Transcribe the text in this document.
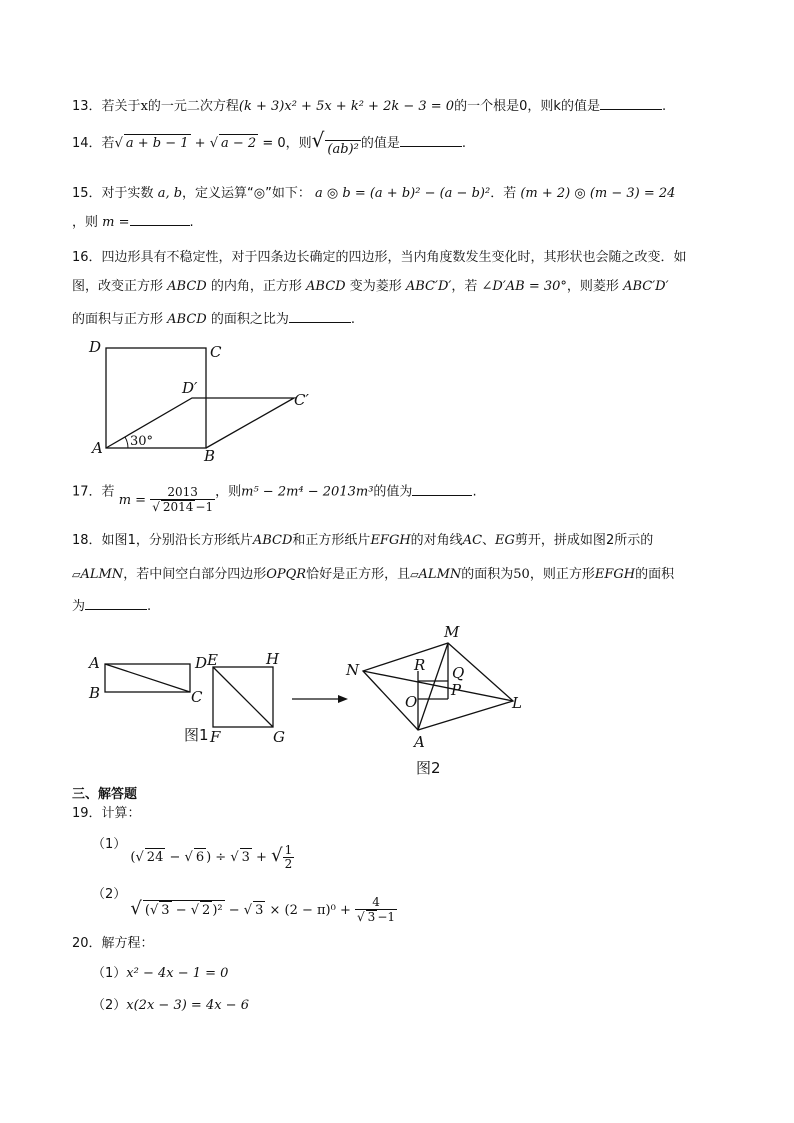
13．若关于x的一元二次方程(k + 3)x² + 5x + k² + 2k − 3 = 0的一个根是0，则k的值是	.
14．若√ a + b − 1 + √ a − 2 = 0，则√ (ab)² 的值是	.
15．对于实数 a, b，定义运算“◎”如下： a ◎ b = (a + b)² − (a − b)²．若 (m + 2) ◎ (m − 3) = 24
，则 m =	.
16．四边形具有不稳定性，对于四条边长确定的四边形，当内角度数发生变化时，其形状也会随之改变．如
图，改变正方形 ABCD 的内角，正方形 ABCD 变为菱形 ABC′D′，若 ∠D′AB = 30°，则菱形 ABC′D′
的面积与正方形 ABCD 的面积之比为	.
D	C
D′
C′
A	B
30°
17．若 $m = \frac{2013}{√ 2014 -1}$ ，则m⁵ − 2m⁴ − 2013m³的值为	.
18．如图1，分别沿长方形纸片ABCD和正方形纸片EFGH的对角线AC、EG剪开，拼成如图2所示的
▱ALMN，若中间空白部分四边形OPQR恰好是正方形，且▱ALMN的面积为50，则正方形EFGH的面积
为	.
A
B	C
D E	H
F	G
图1
M
N	R Q
P
O	L
A
图2
三、解答题
19．计算：
（1） (√ 24 − √ 6 ) ÷ √ 3 + √ $\frac{1}{2}$
（2） √ (√ 3 − √ 2 )² − √ $3 \times (2 - \pi)^0 + \frac{4}{√ 3 -1}$
20．解方程：
（1）x² − 4x − 1 = 0
（2）x(2x − 3) = 4x − 6
